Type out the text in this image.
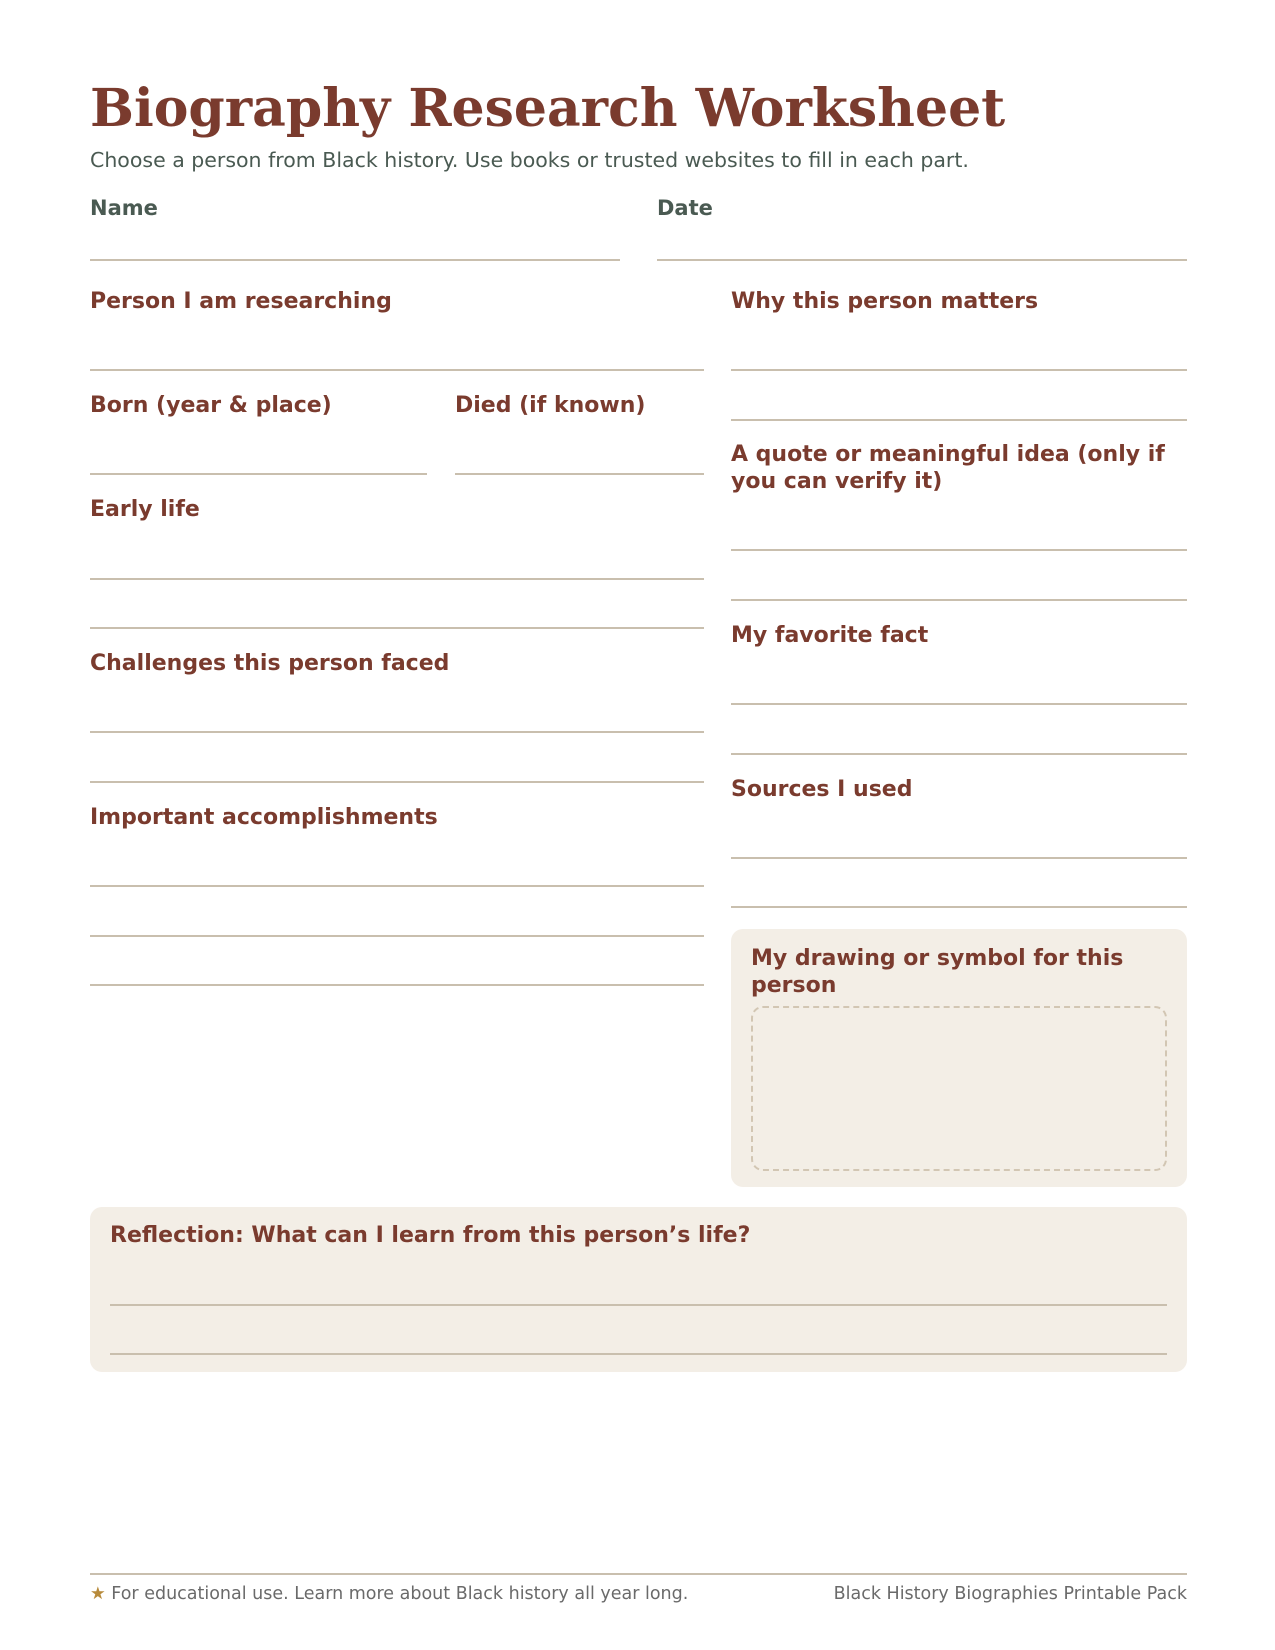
Biography Research Worksheet
Choose a person from Black history. Use books or trusted websites to fill in each part.
Name	Date
Person I am researching
Born (year & place)	Died (if known)
Early life
Challenges this person faced
Important accomplishments
Why this person matters
A quote or meaningful idea (only if you can verify it)
My favorite fact
Sources I used
My drawing or symbol for this person
Reflection: What can I learn from this person’s life?
★ For educational use. Learn more about Black history all year long.	Black History Biographies Printable Pack
